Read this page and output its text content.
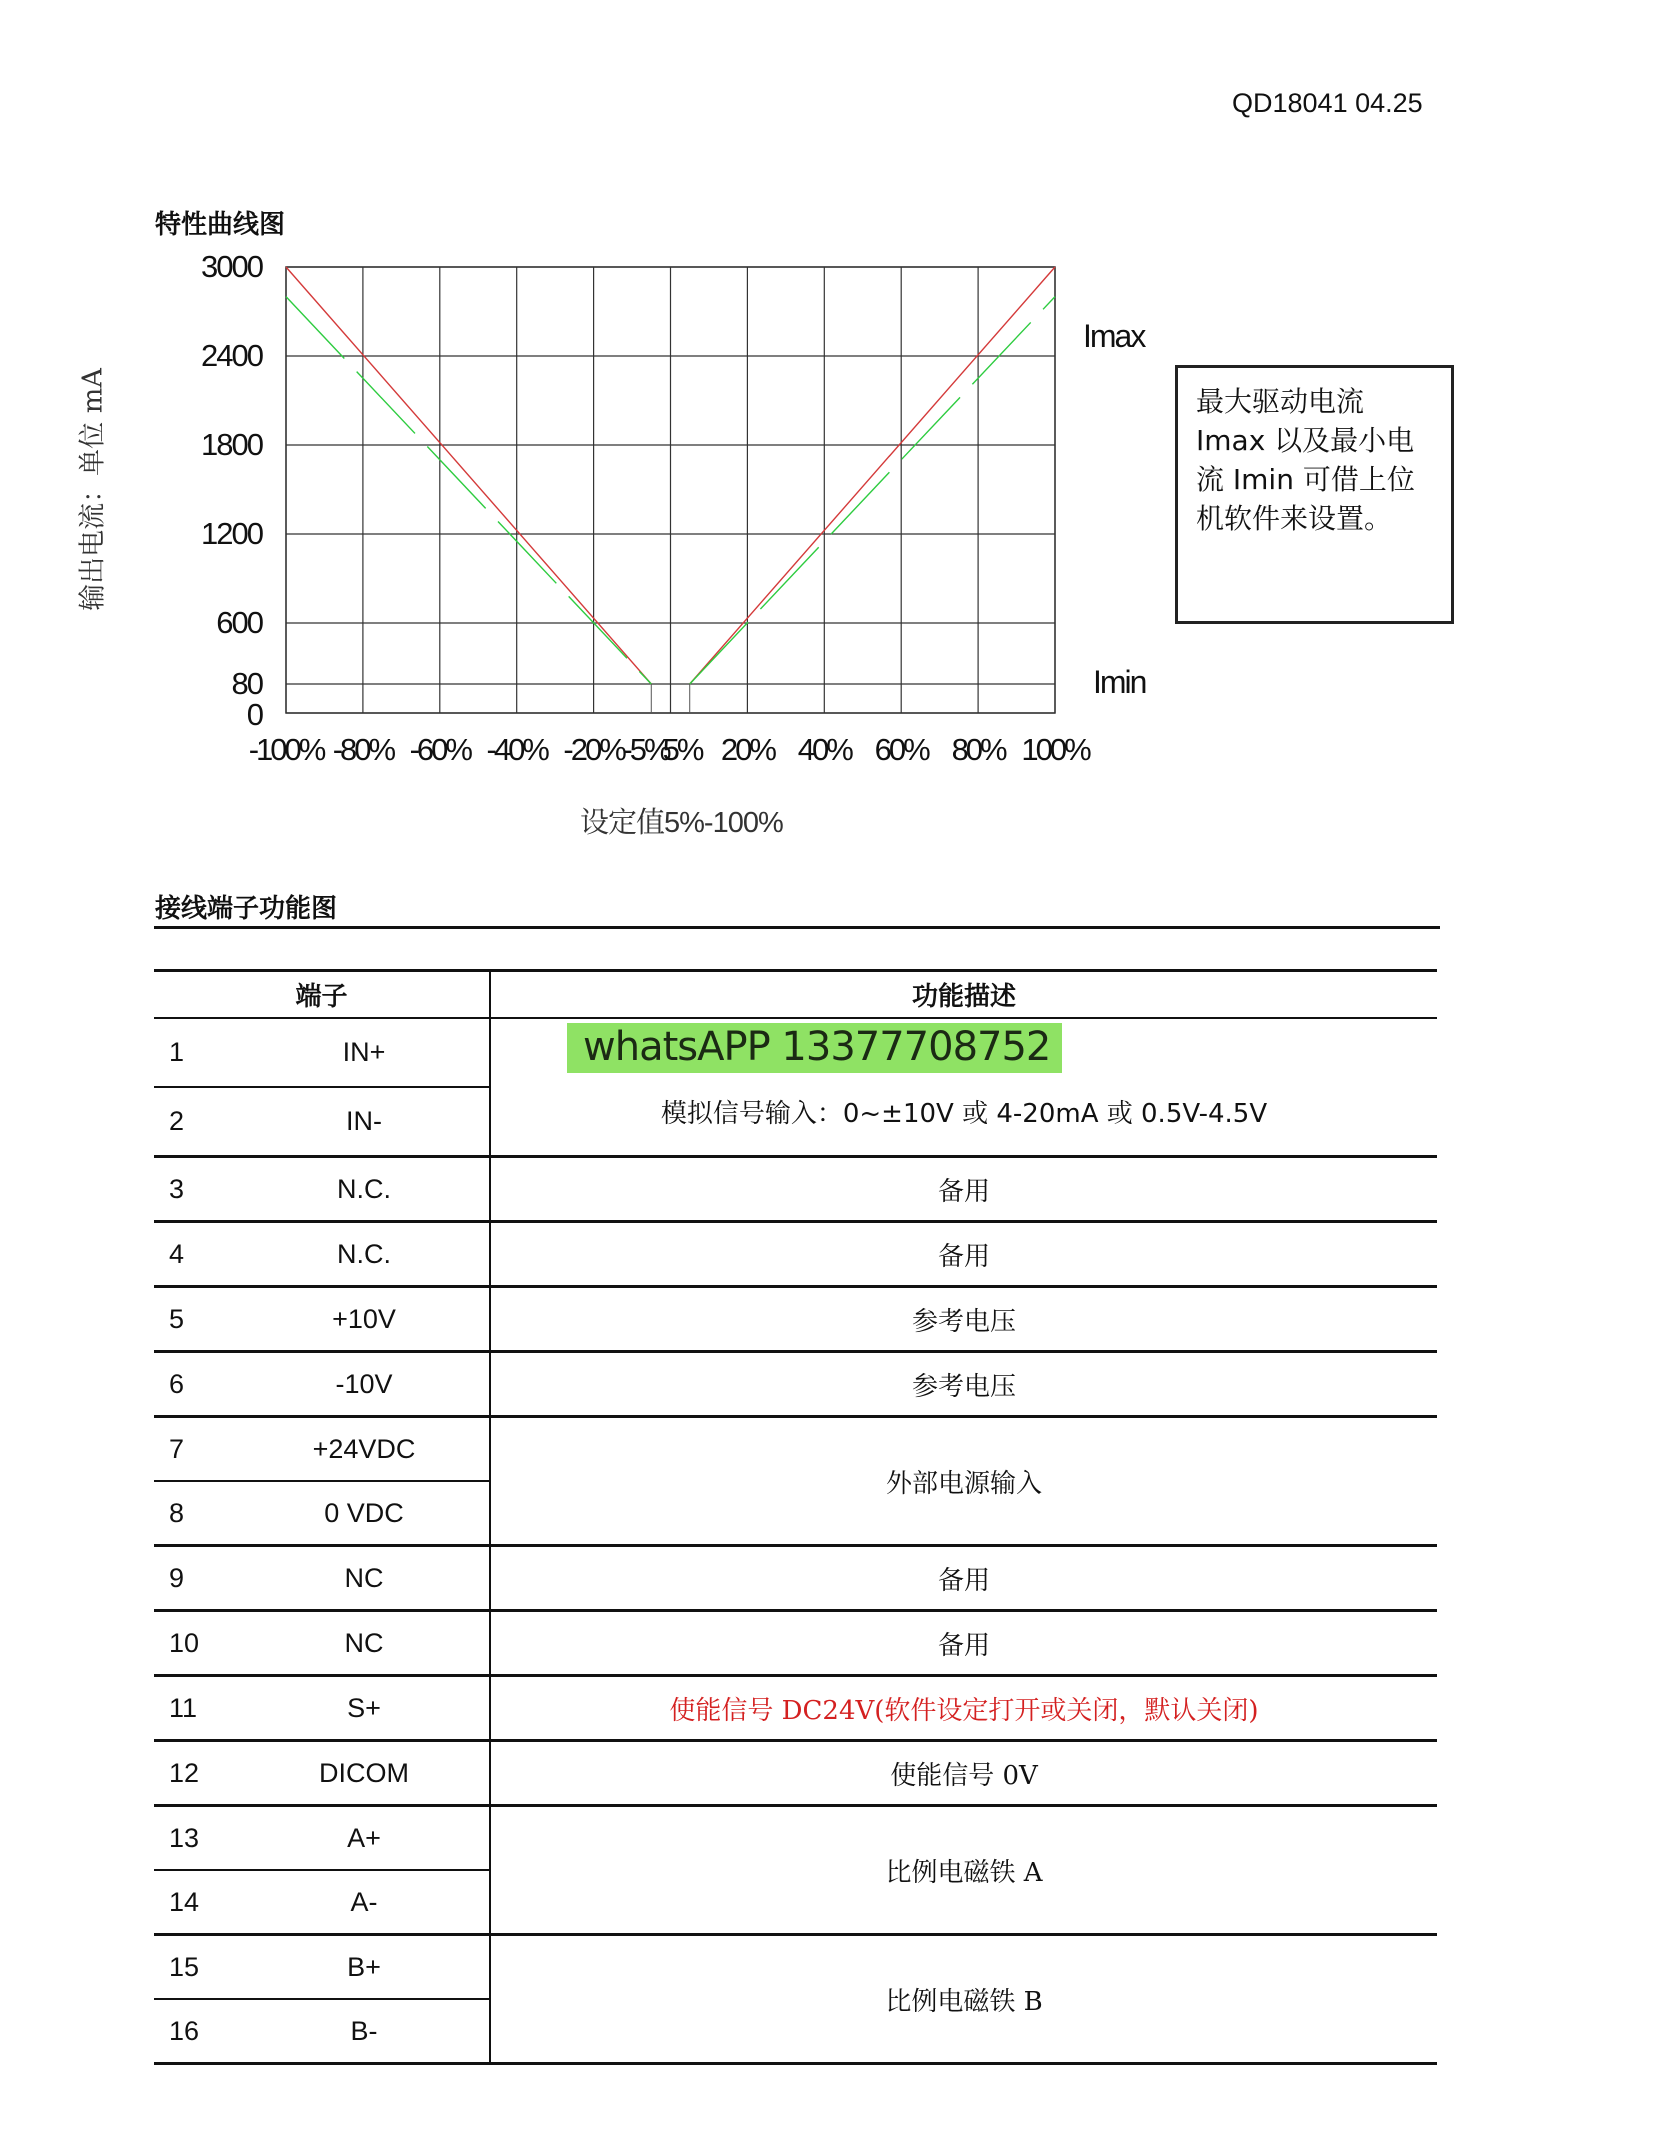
QD18041 04.25
特性曲线图
3000
2400
1800
1200
600
80
0
-100% -80% -60% -40% -20%
-5%
5% 20% 40% 60% 80% 100%
输出电流：单位 mA
设定值5%-100%
Imax
Imin
最大驱动电流 Imax 以及最小电流 Imin 可借上位机软件来设置。
接线端子功能图
端子		功能描述
1	IN+	模拟信号输入：0~±10V 或 4-20mA 或 0.5V-4.5V
whatsAPP 13377708752

2	IN-	
3	N.C.	备用
4	N.C.	备用
5	+10V	参考电压
6	-10V	参考电压
7	+24VDC	外部电源输入
8	0 VDC	
9	NC	备用
10	NC	备用
11	S+	使能信号 DC24V(软件设定打开或关闭，默认关闭)
12	DICOM	使能信号 0V
13	A+	比例电磁铁 A
14	A-	
15	B+	比例电磁铁 B
16	B-	
